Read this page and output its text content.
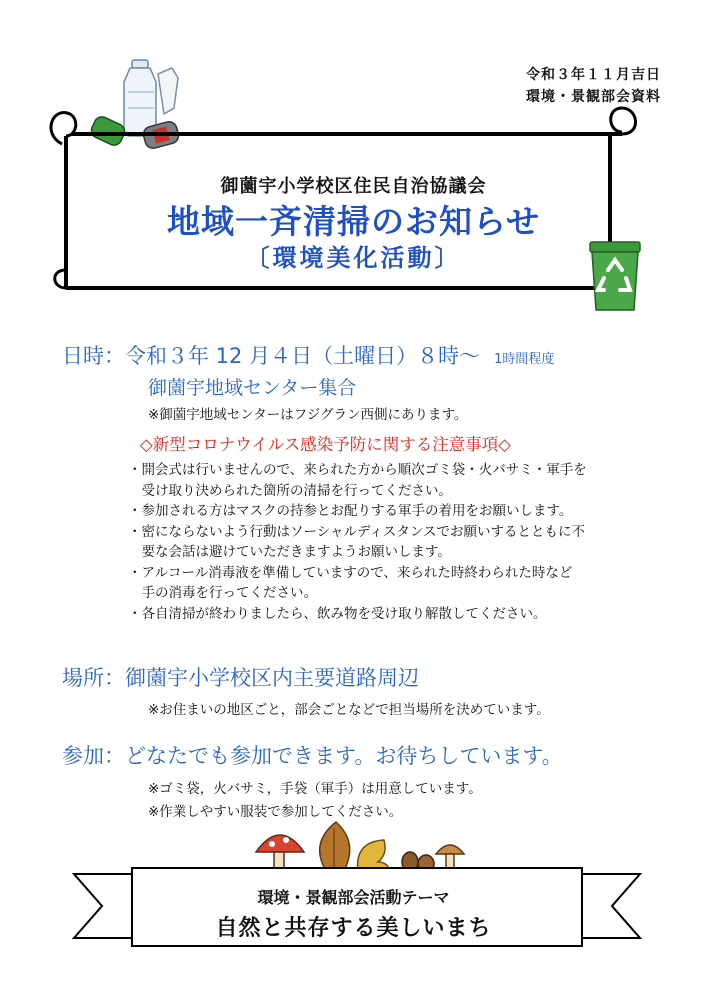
令和３年１１月吉日
環境・景観部会資料
御薗宇小学校区住民自治協議会
地域一斉清掃のお知らせ
〔環境美化活動〕
日時：令和３年 12 月４日（土曜日）８時～ 1時間程度
御薗宇地域センター集合
※御薗宇地域センターはフジグラン西側にあります。
◇新型コロナウイルス感染予防に関する注意事項◇
・開会式は行いませんので、来られた方から順次ゴミ袋・火バサミ・軍手を
　受け取り決められた箇所の清掃を行ってください。
・参加される方はマスクの持参とお配りする軍手の着用をお願いします。
・密にならないよう行動はソーシャルディスタンスでお願いするとともに不
　要な会話は避けていただきますようお願いします。
・アルコール消毒液を準備していますので、来られた時終わられた時など
　手の消毒を行ってください。
・各自清掃が終わりましたら、飲み物を受け取り解散してください。
場所：御薗宇小学校区内主要道路周辺
※お住まいの地区ごと，部会ごとなどで担当場所を決めています。
参加：どなたでも参加できます。お待ちしています。
※ゴミ袋，火バサミ，手袋（軍手）は用意しています。
※作業しやすい服装で参加してください。
環境・景観部会活動テーマ
自然と共存する美しいまち
